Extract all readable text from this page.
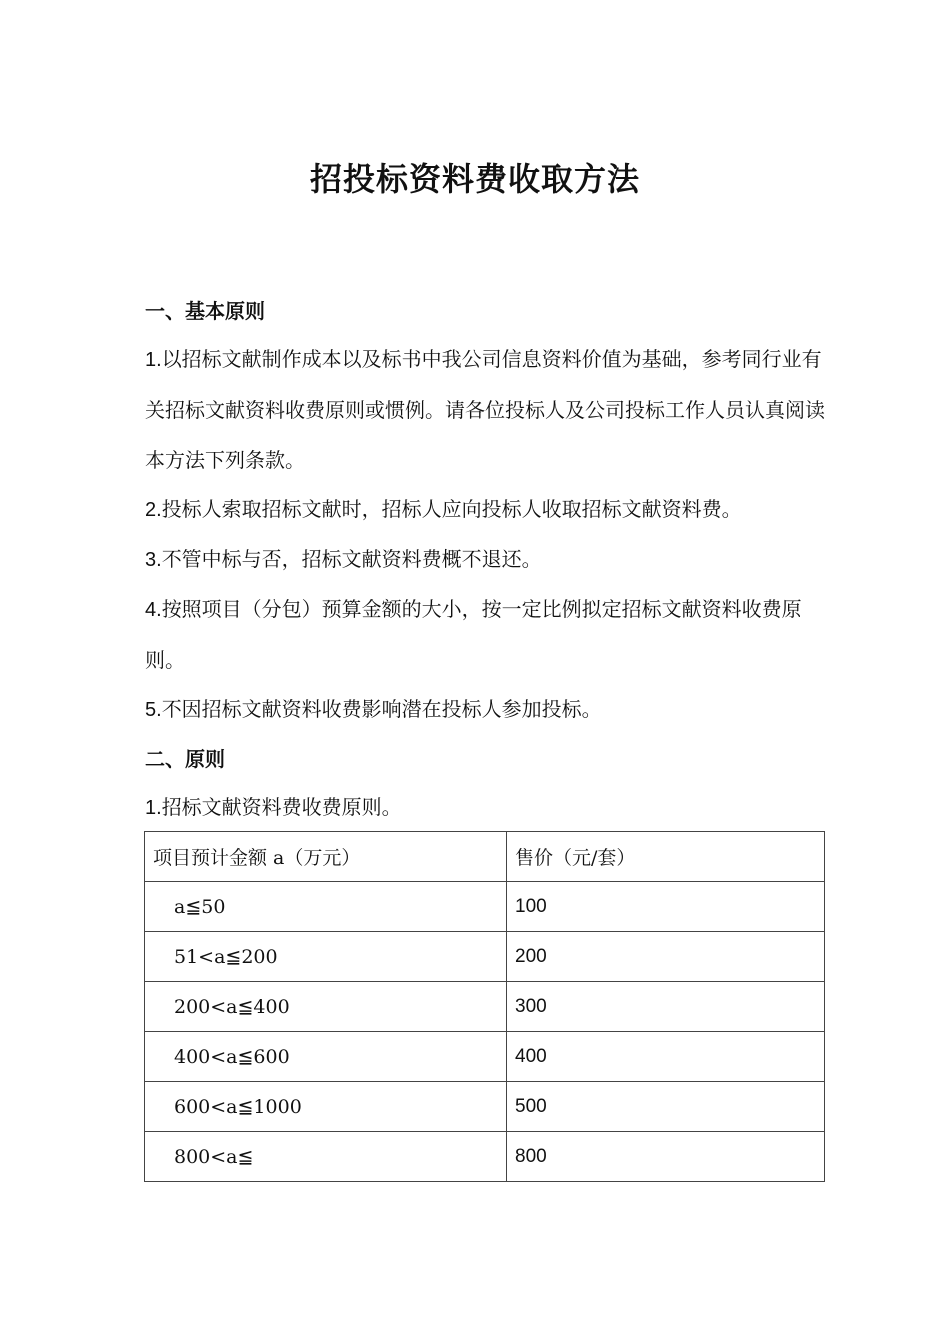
招投标资料费收取方法
一、基本原则
1.以招标文献制作成本以及标书中我公司信息资料价值为基础，参考同行业有关招标文献资料收费原则或惯例。请各位投标人及公司投标工作人员认真阅读本方法下列条款。
2.投标人索取招标文献时，招标人应向投标人收取招标文献资料费。
3.不管中标与否，招标文献资料费概不退还。
4.按照项目（分包）预算金额的大小，按一定比例拟定招标文献资料收费原则。
5.不因招标文献资料收费影响潜在投标人参加投标。
二、原则
1.招标文献资料费收费原则。
项目预计金额 a（万元）	售价（元/套）
a≦50	100
51<a≦200	200
200<a≦400	300
400<a≦600	400
600<a≦1000	500
800<a≦	800
